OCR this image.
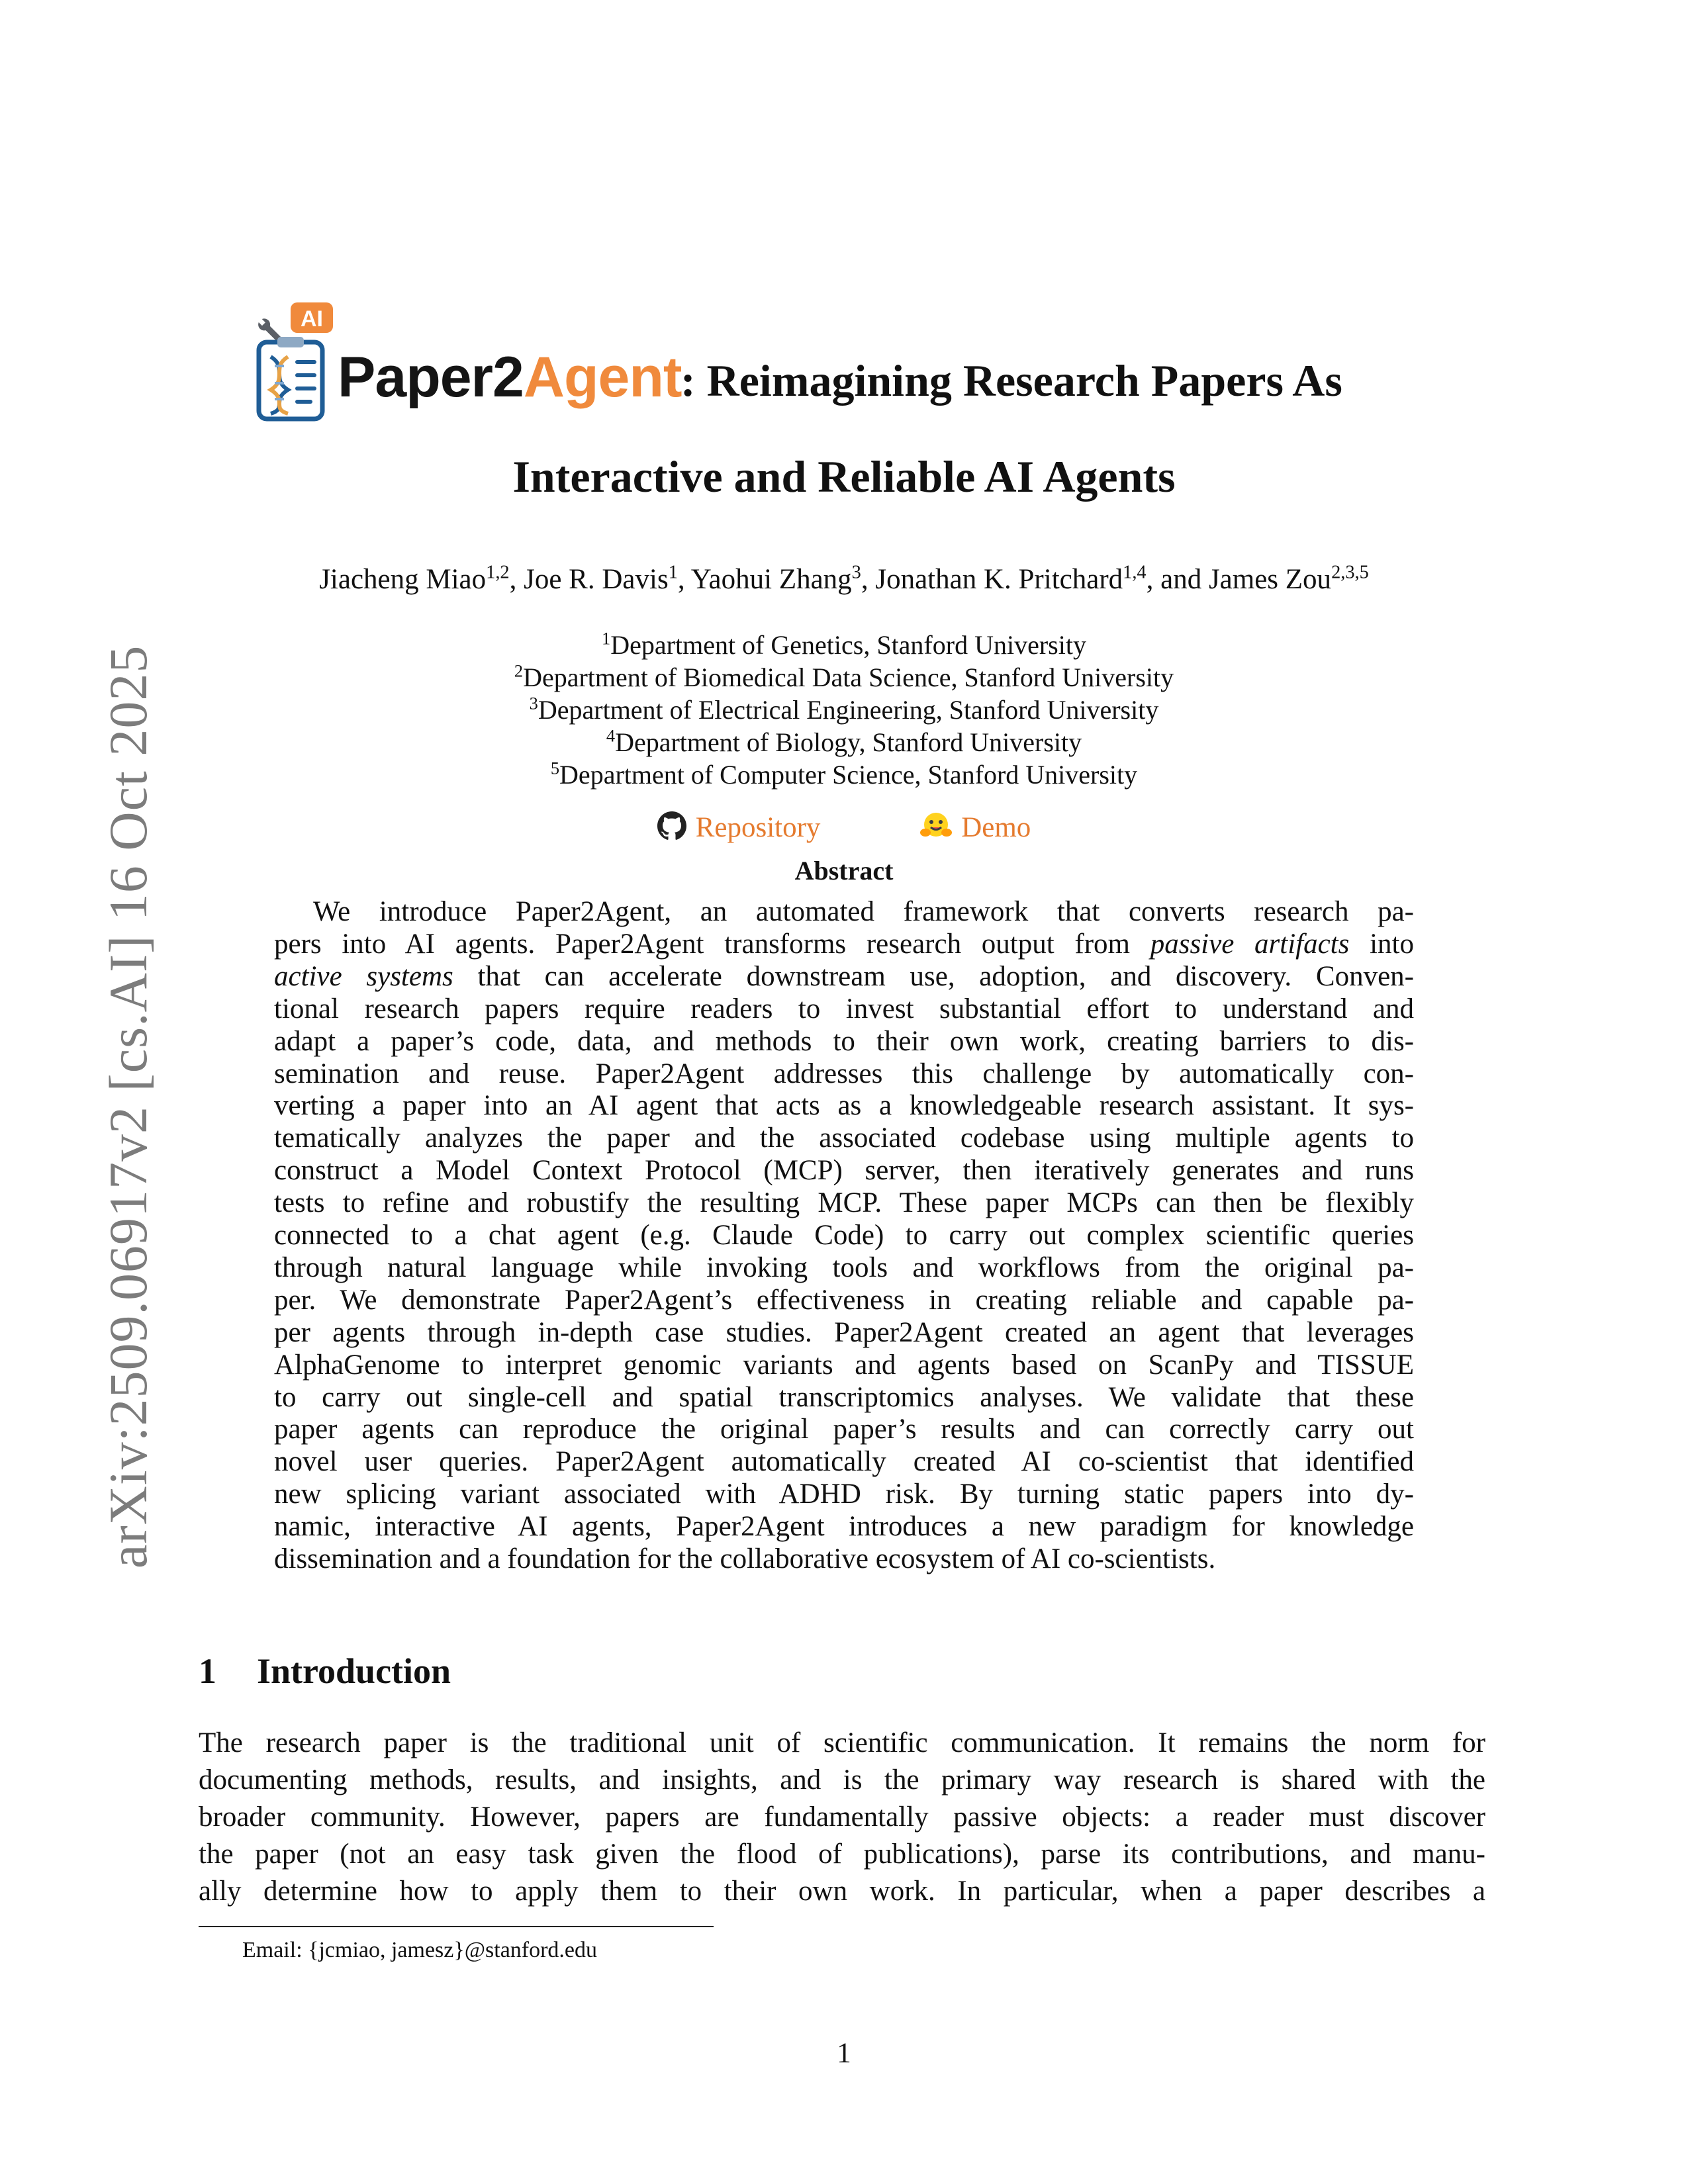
arXiv:2509.06917v2 [cs.AI] 16 Oct 2025
AI
Paper2Agent
: Reimagining Research Papers As
Interactive and Reliable AI Agents
Jiacheng Miao$^{1,2}$, Joe R. Davis$^1$, Yaohui Zhang$^3$, Jonathan K. Pritchard$^{1,4}$, and James Zou$^{2,3,5}$
$^1$Department of Genetics, Stanford University
$^2$Department of Biomedical Data Science, Stanford University
$^3$Department of Electrical Engineering, Stanford University
$^4$Department of Biology, Stanford University
$^5$Department of Computer Science, Stanford University
Repository	Demo
Abstract
We introduce Paper2Agent, an automated framework that converts research pa-
pers into AI agents. Paper2Agent transforms research output from passive artifacts into
active systems that can accelerate downstream use, adoption, and discovery. Conven-
tional research papers require readers to invest substantial effort to understand and
adapt a paper’s code, data, and methods to their own work, creating barriers to dis-
semination and reuse. Paper2Agent addresses this challenge by automatically con-
verting a paper into an AI agent that acts as a knowledgeable research assistant. It sys-
tematically analyzes the paper and the associated codebase using multiple agents to
construct a Model Context Protocol (MCP) server, then iteratively generates and runs
tests to refine and robustify the resulting MCP. These paper MCPs can then be flexibly
connected to a chat agent (e.g. Claude Code) to carry out complex scientific queries
through natural language while invoking tools and workflows from the original pa-
per. We demonstrate Paper2Agent’s effectiveness in creating reliable and capable pa-
per agents through in-depth case studies. Paper2Agent created an agent that leverages
AlphaGenome to interpret genomic variants and agents based on ScanPy and TISSUE
to carry out single-cell and spatial transcriptomics analyses. We validate that these
paper agents can reproduce the original paper’s results and can correctly carry out
novel user queries. Paper2Agent automatically created AI co-scientist that identified
new splicing variant associated with ADHD risk. By turning static papers into dy-
namic, interactive AI agents, Paper2Agent introduces a new paradigm for knowledge
dissemination and a foundation for the collaborative ecosystem of AI co-scientists.
1 Introduction
The research paper is the traditional unit of scientific communication. It remains the norm for
documenting methods, results, and insights, and is the primary way research is shared with the
broader community. However, papers are fundamentally passive objects: a reader must discover
the paper (not an easy task given the flood of publications), parse its contributions, and manu-
ally determine how to apply them to their own work. In particular, when a paper describes a
Email: {jcmiao, jamesz}@stanford.edu
1
